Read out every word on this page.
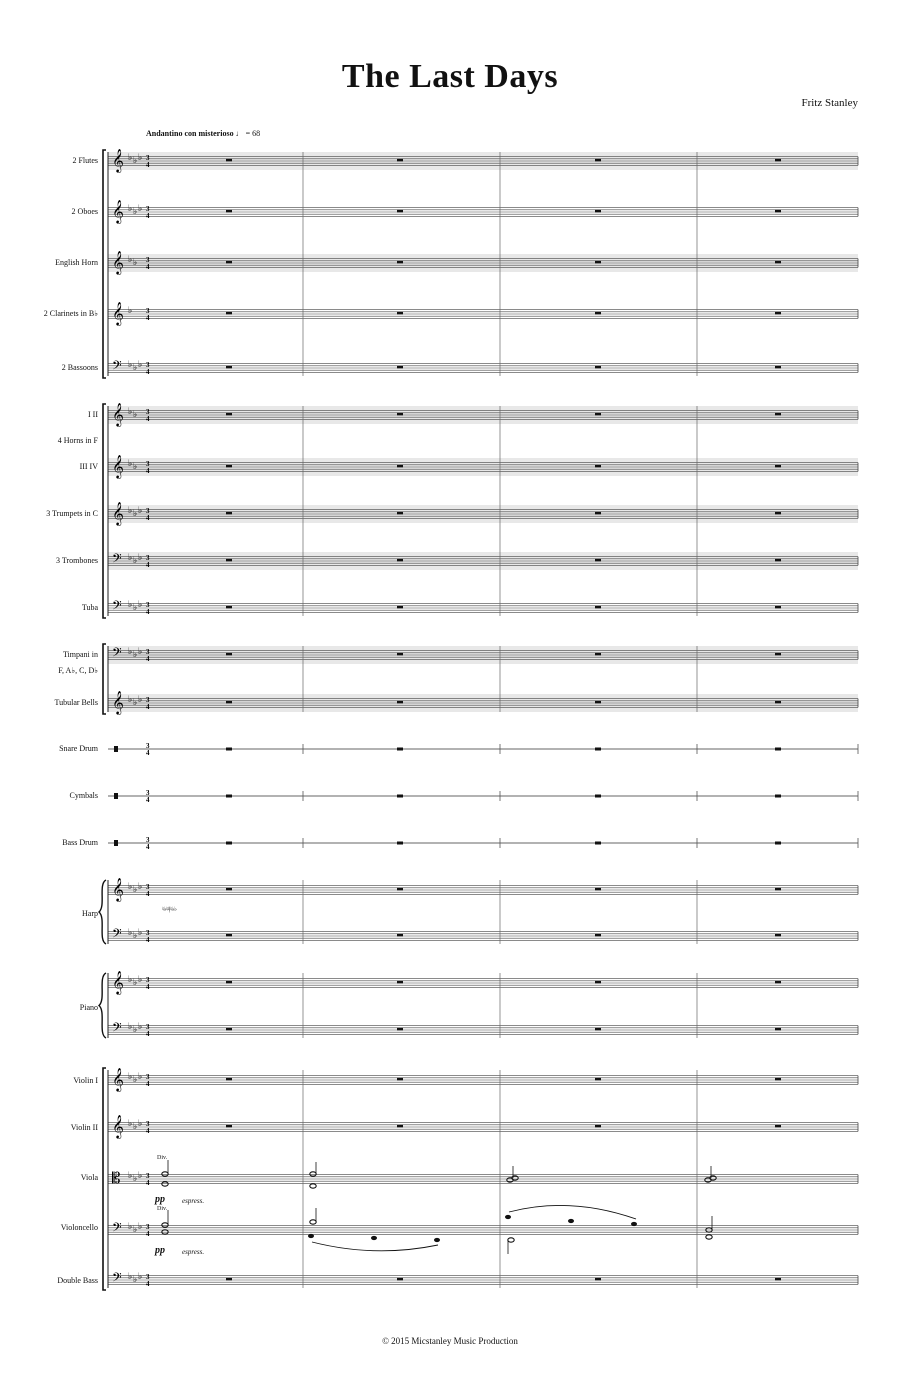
The Last Days
Fritz Stanley
Andantino con misterioso ♩ = 68
2 Flutes
2 Oboes
English Horn
2 Clarinets in B♭
2 Bassoons
I II
4 Horns in F
III IV
3 Trumpets in C
3 Trombones
Tuba
Timpani in
F, A♭, C, D♭
Tubular Bells
Snare Drum
Cymbals
Bass Drum
Harp
Piano
Violin I
Violin II
Viola
Violoncello
Double Bass
Div.
pp espress.
Div.
pp espress.
♮♭♮♮|♮♭♭
© 2015 Micstanley Music Production
𝄞 ♭ ♭ ♭ 3
4
𝄞 ♭ ♭ ♭ 3
4
𝄞 ♭ ♭ 3
4
𝄞 ♭ 3
4
𝄢 ♭ ♭ ♭ 3
4
𝄞 ♭ ♭ 3
4
𝄞 ♭ ♭ 3
4
𝄞 ♭ ♭ ♭ 3
4
𝄢 ♭ ♭ ♭ 3
4
𝄢 ♭ ♭ ♭ 3
4
𝄢 ♭ ♭ ♭ 3
4
𝄞 ♭ ♭ ♭ 3
4
3
4
3
4
3
4
𝄞 ♭ ♭ ♭ 3
4
𝄢 ♭ ♭ ♭ 3
4
𝄞 ♭ ♭ ♭ 3
4
𝄢 ♭ ♭ ♭ 3
4
𝄞 ♭ ♭ ♭ 3
4
𝄞 ♭ ♭ ♭ 3
4
𝄡 ♭ ♭ ♭ 3
4
𝄢 ♭ ♭ ♭ 3
4
𝄢 ♭ ♭ ♭ 3
4
